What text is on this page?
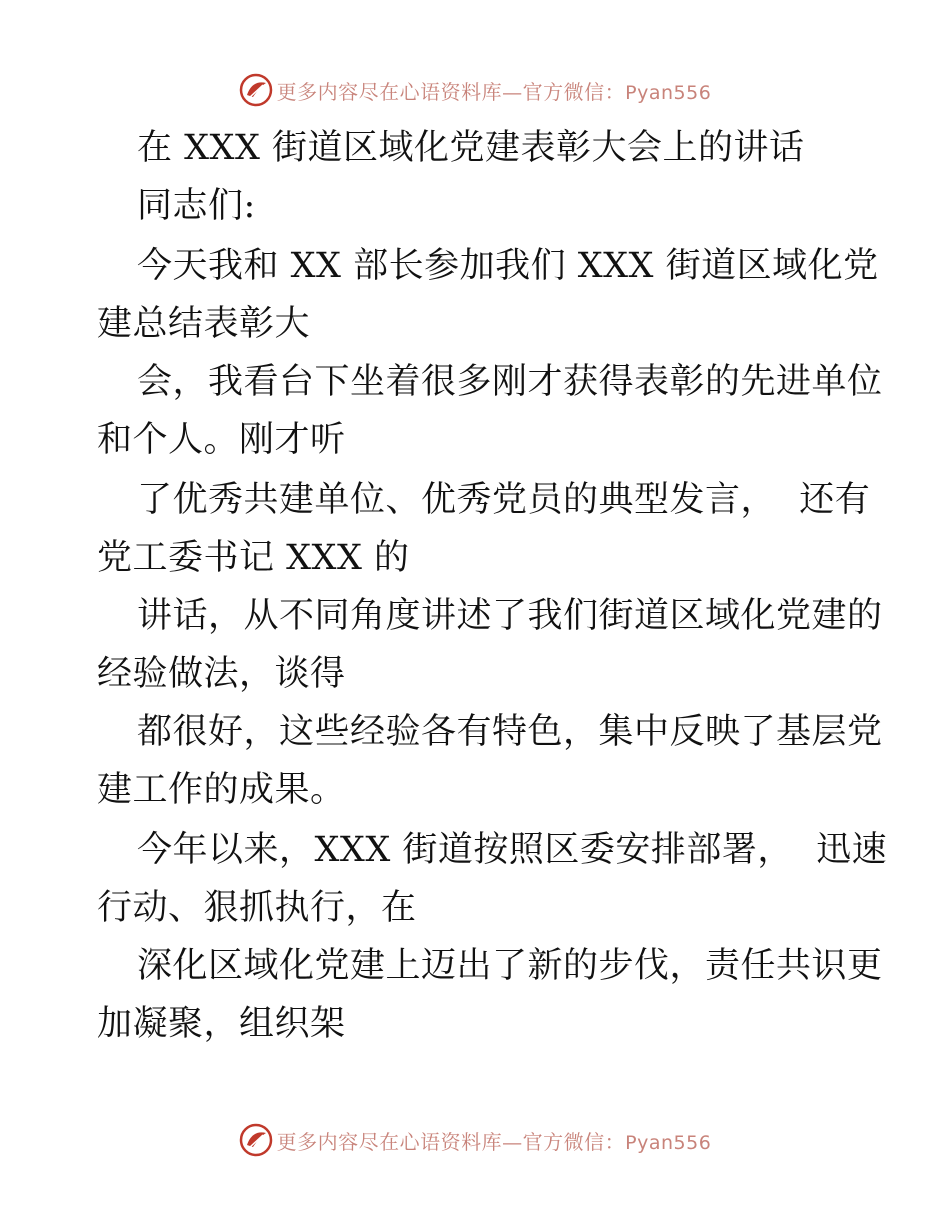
更多内容尽在心语资料库—官方微信：Pyan556
在 XXX 街道区域化党建表彰大会上的讲话
同志们:
今天我和 XX 部长参加我们 XXX 街道区域化党
建总结表彰大
会，我看台下坐着很多刚才获得表彰的先进单位
和个人。刚才听
了优秀共建单位、优秀党员的典型发言，  还有
党工委书记 XXX 的
讲话，从不同角度讲述了我们街道区域化党建的
经验做法，谈得
都很好，这些经验各有特色，集中反映了基层党
建工作的成果。
今年以来，XXX 街道按照区委安排部署，  迅速
行动、狠抓执行，在
深化区域化党建上迈出了新的步伐，责任共识更
加凝聚，组织架
更多内容尽在心语资料库—官方微信：Pyan556
